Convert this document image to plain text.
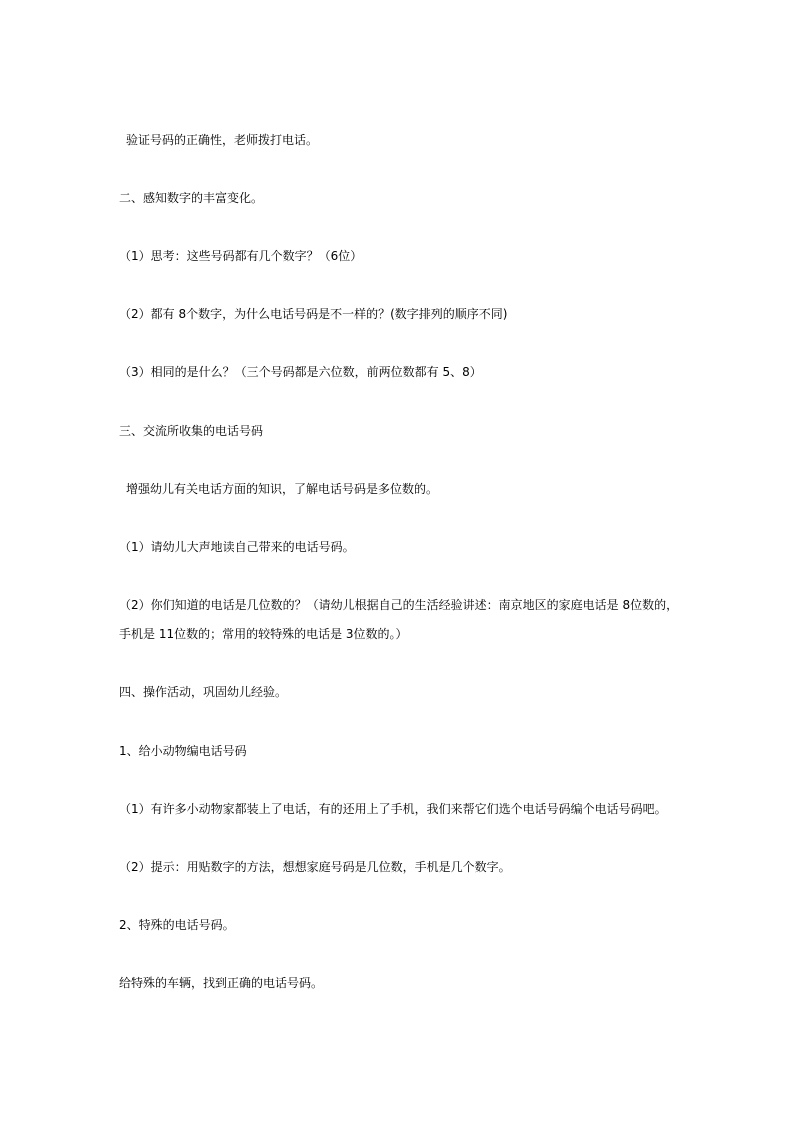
验证号码的正确性，老师拨打电话。
二、感知数字的丰富变化。
（1）思考：这些号码都有几个数字？（6位）
（2）都有 8个数字，为什么电话号码是不一样的？(数字排列的顺序不同)
（3）相同的是什么？（三个号码都是六位数，前两位数都有 5、8）
三、交流所收集的电话号码
增强幼儿有关电话方面的知识，了解电话号码是多位数的。
（1）请幼儿大声地读自己带来的电话号码。
（2）你们知道的电话是几位数的？（请幼儿根据自己的生活经验讲述：南京地区的家庭电话是 8位数的，
手机是 11位数的；常用的较特殊的电话是 3位数的。）
四、操作活动，巩固幼儿经验。
1、给小动物编电话号码
（1）有许多小动物家都装上了电话，有的还用上了手机，我们来帮它们选个电话号码编个电话号码吧。
（2）提示：用贴数字的方法，想想家庭号码是几位数，手机是几个数字。
2、特殊的电话号码。
给特殊的车辆，找到正确的电话号码。
